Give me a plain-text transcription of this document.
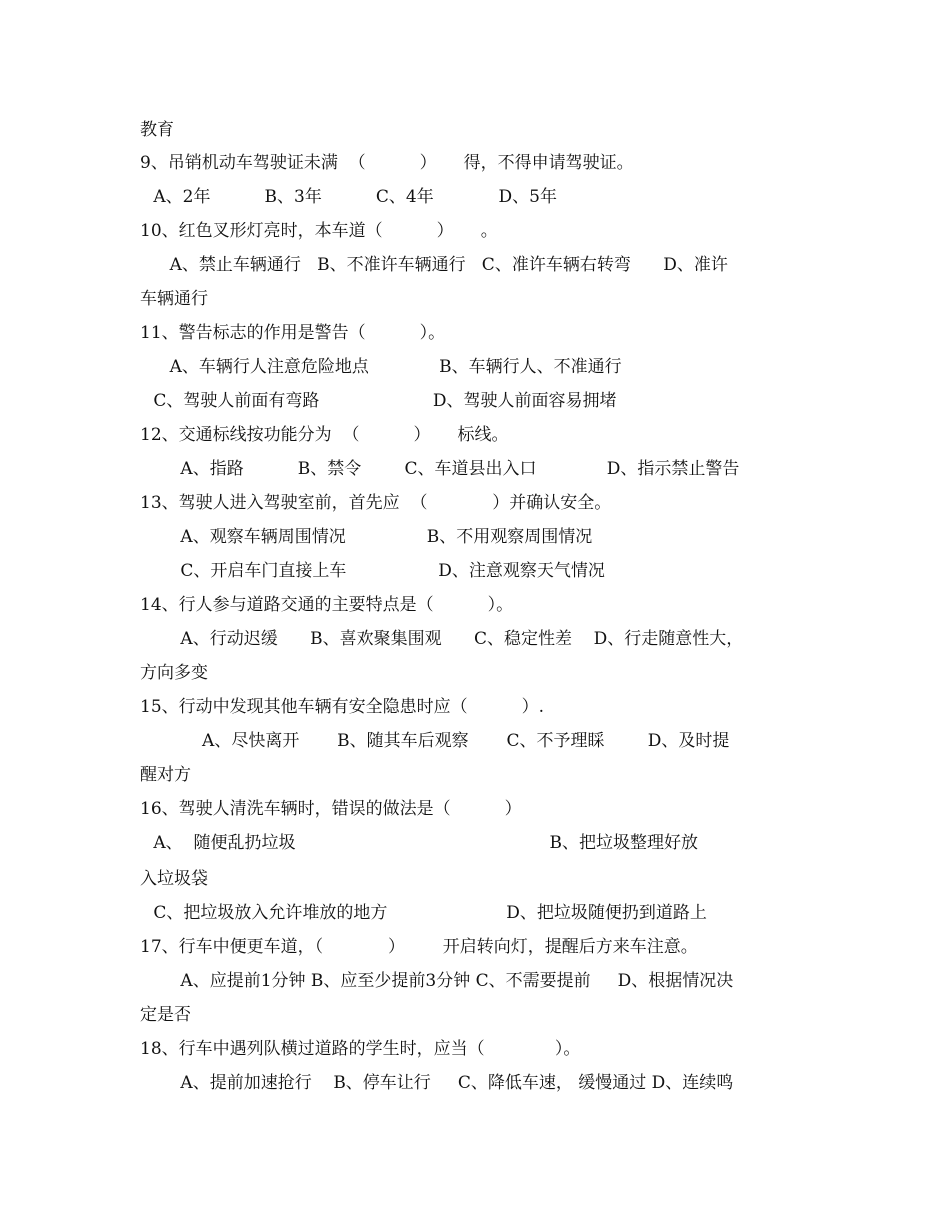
教育
9、吊销机动车驾驶证未满  （          ）     得，不得申请驾驶证。
A、2年          B、3年          C、4年            D、5年
10、红色叉形灯亮时，本车道（          ）     。
A、禁止车辆通行   B、不准许车辆通行   C、准许车辆右转弯      D、准许
车辆通行
11、警告标志的作用是警告（          ）。
A、车辆行人注意危险地点             B、车辆行人、不准通行
C、驾驶人前面有弯路                     D、驾驶人前面容易拥堵
12、交通标线按功能分为  （          ）     标线。
A、指路          B、禁令        C、车道县出入口             D、指示禁止警告
13、驾驶人进入驾驶室前，首先应  （            ）并确认安全。
A、观察车辆周围情况               B、不用观察周围情况
C、开启车门直接上车                 D、注意观察天气情况
14、行人参与道路交通的主要特点是（          ）。
A、行动迟缓      B、喜欢聚集围观      C、稳定性差    D、行走随意性大，
方向多变
15、行动中发现其他车辆有安全隐患时应（          ）.
A、尽快离开       B、随其车后观察       C、不予理睬        D、及时提
醒对方
16、驾驶人清洗车辆时，错误的做法是（          ）
A、  随便乱扔垃圾                                               B、把垃圾整理好放
入垃圾袋
C、把垃圾放入允许堆放的地方                      D、把垃圾随便扔到道路上
17、行车中便更车道，（            ）       开启转向灯，提醒后方来车注意。
A、应提前1分钟 B、应至少提前3分钟 C、不需要提前     D、根据情况决
定是否
18、行车中遇列队横过道路的学生时，应当（             ）。
A、提前加速抢行    B、停车让行     C、降低车速， 缓慢通过 D、连续鸣
